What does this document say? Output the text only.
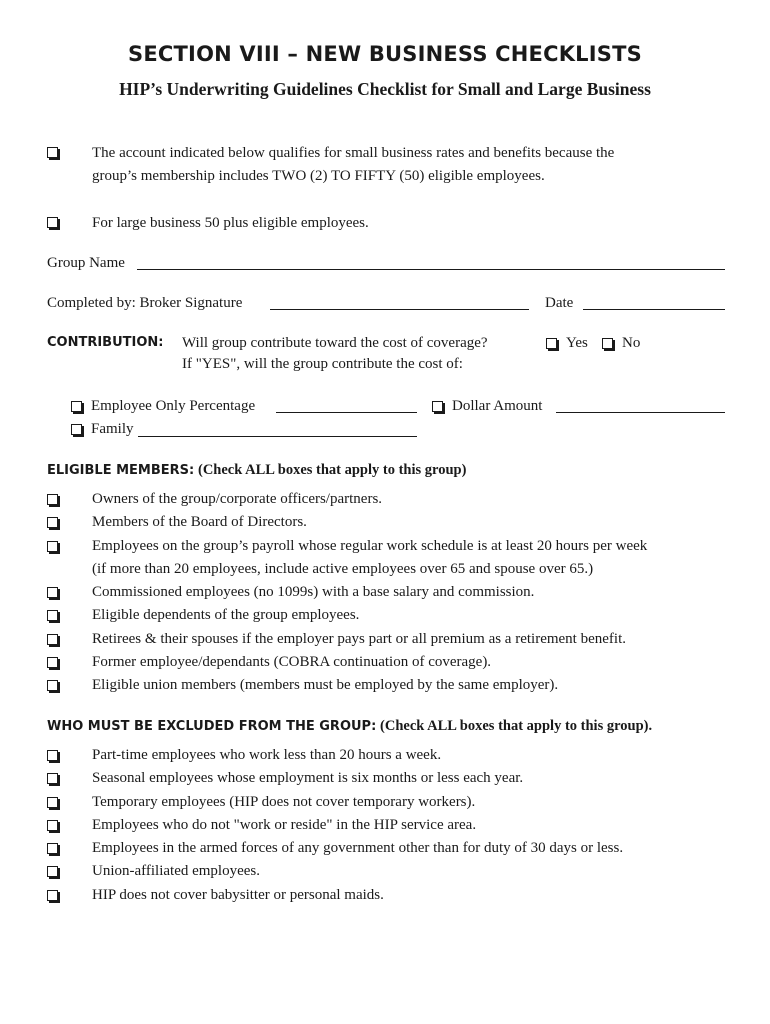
SECTION VIII – NEW BUSINESS CHECKLISTS
HIP’s Underwriting Guidelines Checklist for Small and Large Business
The account indicated below qualifies for small business rates and benefits because the
group’s membership includes TWO (2) TO FIFTY (50) eligible employees.
For large business 50 plus eligible employees.
Group Name
Completed by: Broker Signature	Date
CONTRIBUTION: Will group contribute toward the cost of coverage?
If "YES", will the group contribute the cost of:
Yes No
Employee Only Percentage	Dollar Amount
Family
ELIGIBLE MEMBERS: (Check ALL boxes that apply to this group)
Owners of the group/corporate officers/partners.
Members of the Board of Directors.
Employees on the group’s payroll whose regular work schedule is at least 20 hours per week
(if more than 20 employees, include active employees over 65 and spouse over 65.)
Commissioned employees (no 1099s) with a base salary and commission.
Eligible dependents of the group employees.
Retirees & their spouses if the employer pays part or all premium as a retirement benefit.
Former employee/dependants (COBRA continuation of coverage).
Eligible union members (members must be employed by the same employer).
WHO MUST BE EXCLUDED FROM THE GROUP: (Check ALL boxes that apply to this group).
Part-time employees who work less than 20 hours a week.
Seasonal employees whose employment is six months or less each year.
Temporary employees (HIP does not cover temporary workers).
Employees who do not "work or reside" in the HIP service area.
Employees in the armed forces of any government other than for duty of 30 days or less.
Union-affiliated employees.
HIP does not cover babysitter or personal maids.
